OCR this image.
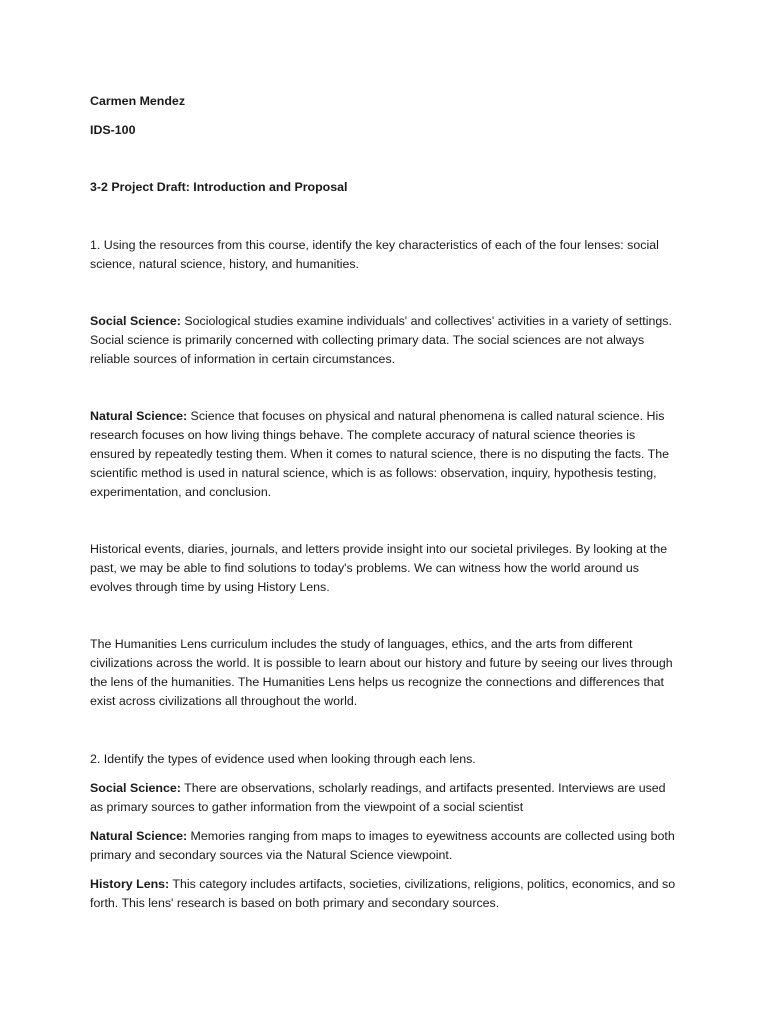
Carmen Mendez

IDS-100

3-2 Project Draft: Introduction and Proposal

1. Using the resources from this course, identify the key characteristics of each of the four lenses: social science, natural science, history, and humanities.

Social Science: Sociological studies examine individuals' and collectives' activities in a variety of settings. Social science is primarily concerned with collecting primary data. The social sciences are not always reliable sources of information in certain circumstances.

Natural Science: Science that focuses on physical and natural phenomena is called natural science. His research focuses on how living things behave. The complete accuracy of natural science theories is ensured by repeatedly testing them. When it comes to natural science, there is no disputing the facts. The scientific method is used in natural science, which is as follows: observation, inquiry, hypothesis testing, experimentation, and conclusion.

Historical events, diaries, journals, and letters provide insight into our societal privileges. By looking at the past, we may be able to find solutions to today's problems. We can witness how the world around us evolves through time by using History Lens.

The Humanities Lens curriculum includes the study of languages, ethics, and the arts from different civilizations across the world. It is possible to learn about our history and future by seeing our lives through the lens of the humanities. The Humanities Lens helps us recognize the connections and differences that exist across civilizations all throughout the world.

2. Identify the types of evidence used when looking through each lens.

Social Science: There are observations, scholarly readings, and artifacts presented. Interviews are used as primary sources to gather information from the viewpoint of a social scientist

Natural Science: Memories ranging from maps to images to eyewitness accounts are collected using both primary and secondary sources via the Natural Science viewpoint.

History Lens: This category includes artifacts, societies, civilizations, religions, politics, economics, and so forth. This lens' research is based on both primary and secondary sources.
